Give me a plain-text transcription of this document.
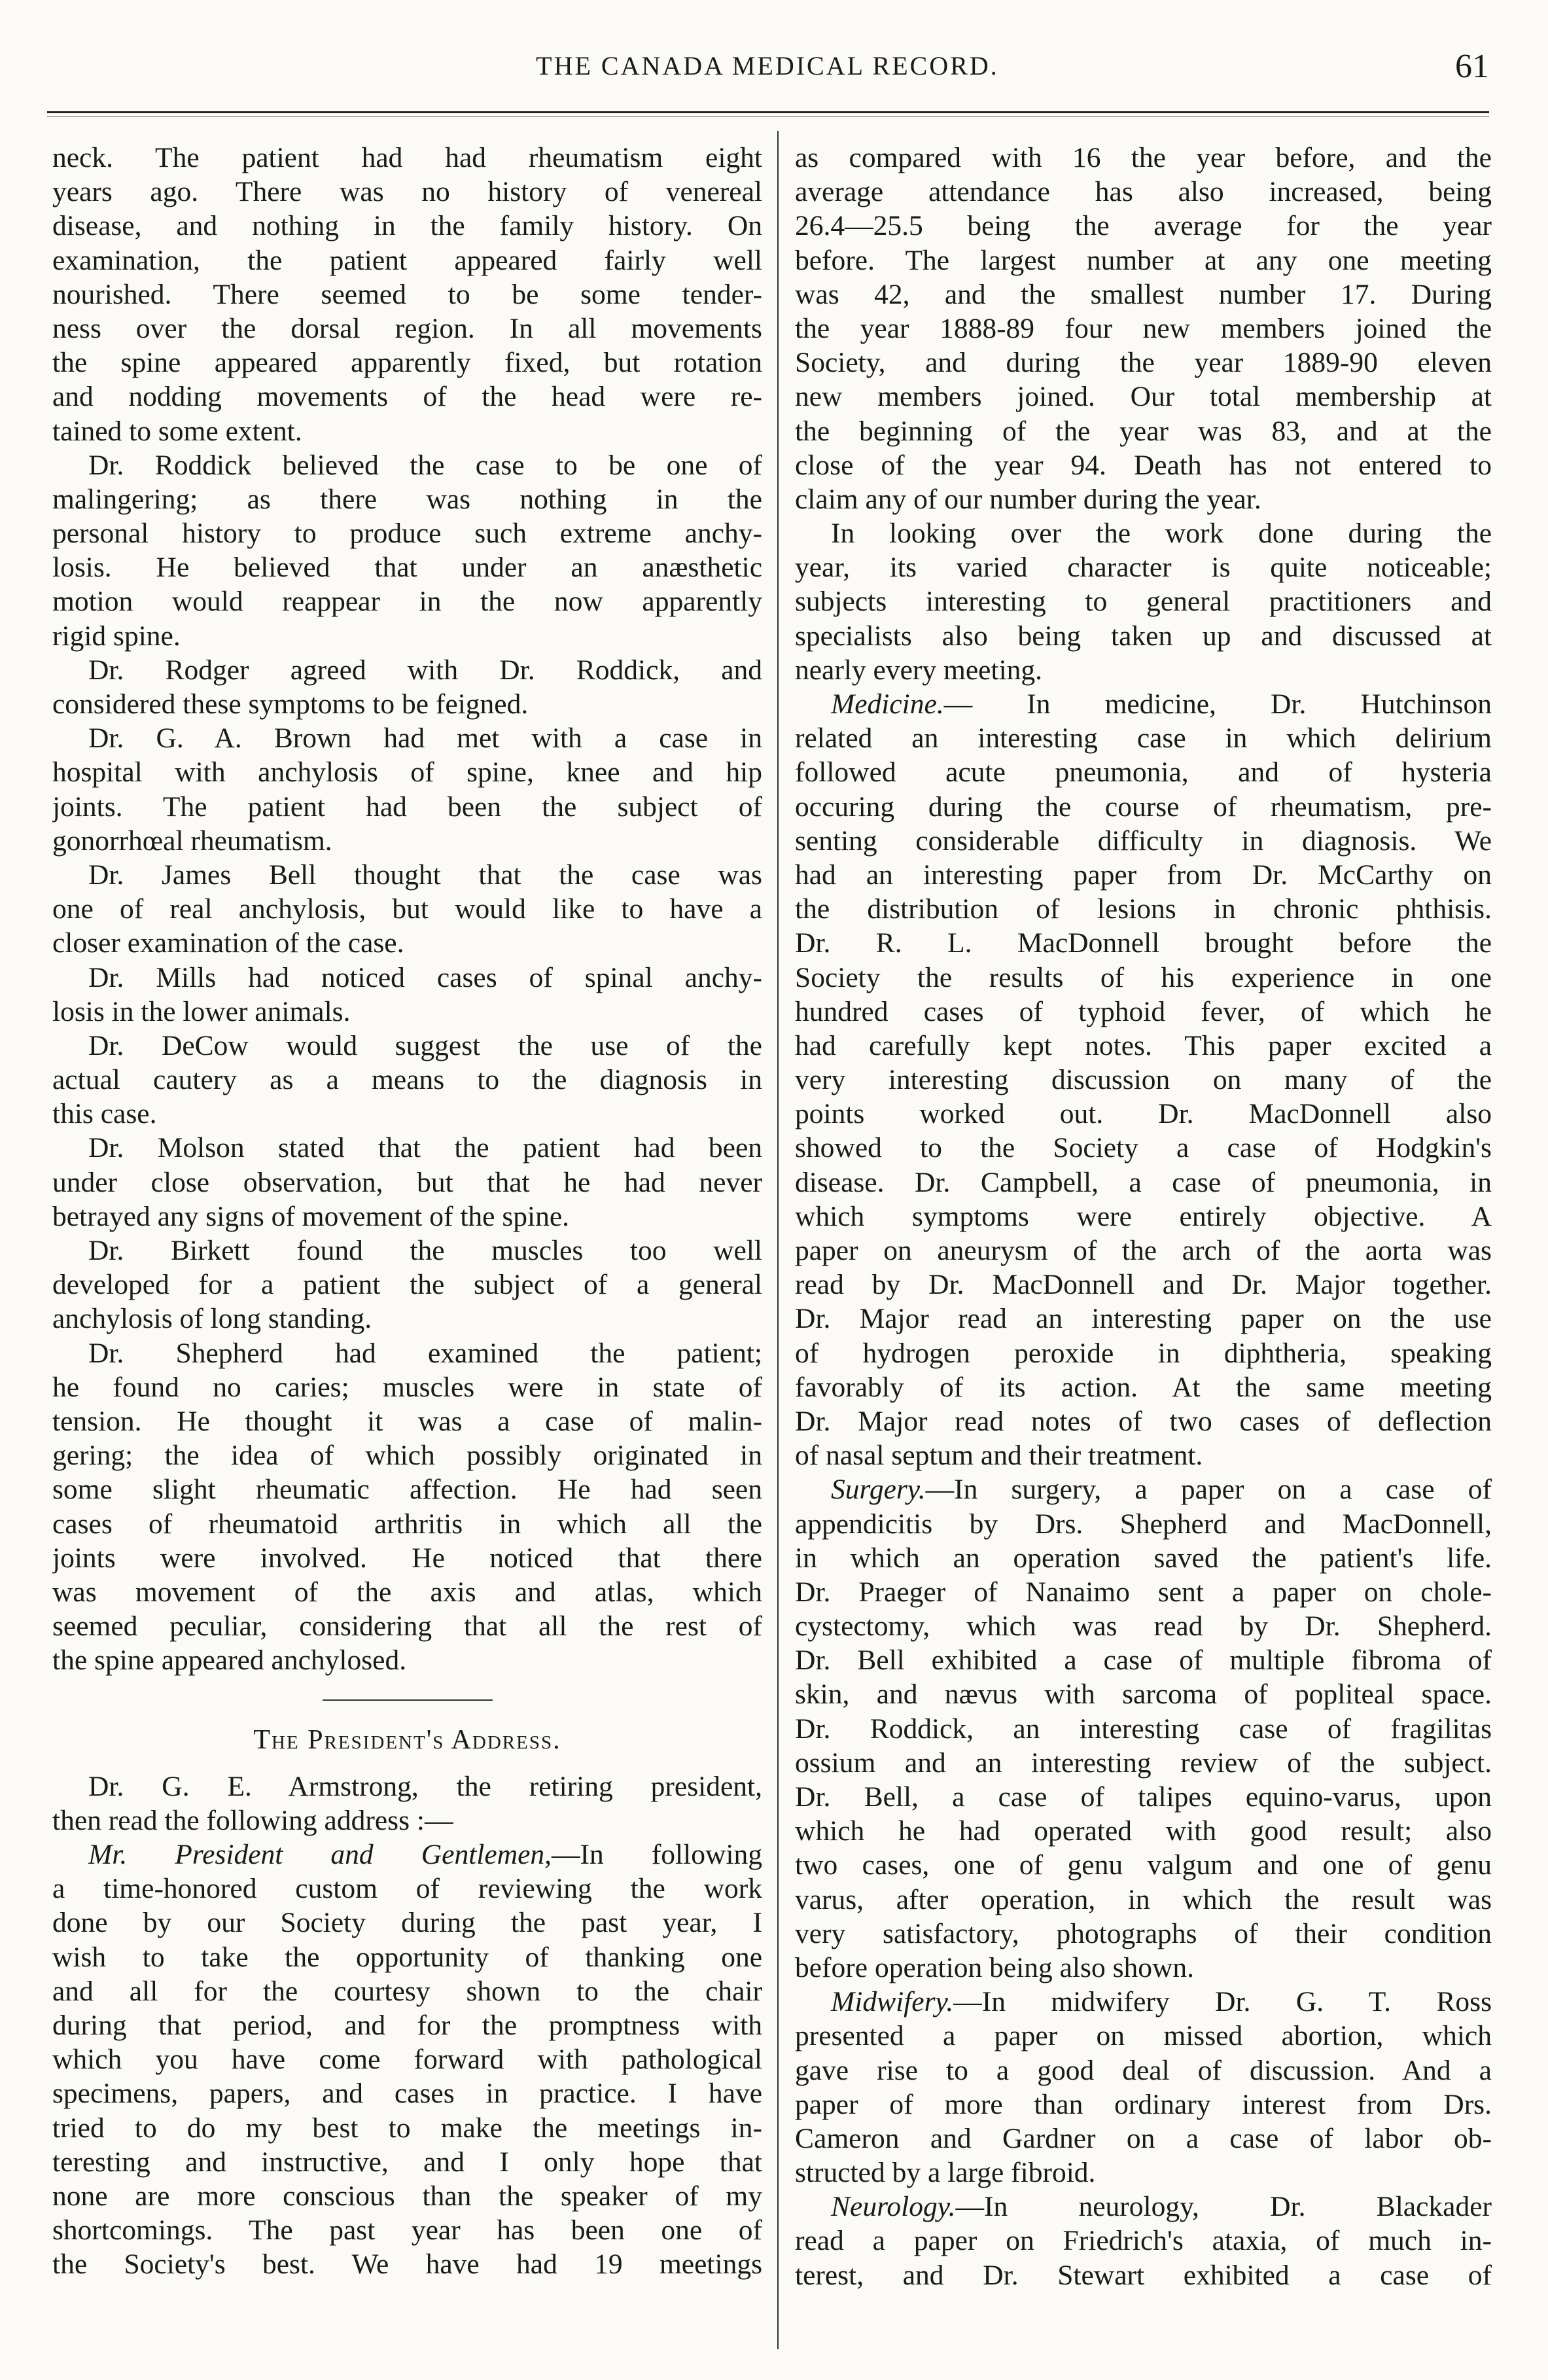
THE CANADA MEDICAL RECORD.	61
neck. The patient had had rheumatism eight
years ago. There was no history of venereal
disease, and nothing in the family history. On
examination, the patient appeared fairly well
nourished. There seemed to be some tender-
ness over the dorsal region. In all movements
the spine appeared apparently fixed, but rotation
and nodding movements of the head were re-
tained to some extent.
Dr. Roddick believed the case to be one of
malingering; as there was nothing in the
personal history to produce such extreme anchy-
losis. He believed that under an anæsthetic
motion would reappear in the now apparently
rigid spine.
Dr. Rodger agreed with Dr. Roddick, and
considered these symptoms to be feigned.
Dr. G. A. Brown had met with a case in
hospital with anchylosis of spine, knee and hip
joints. The patient had been the subject of
gonorrhœal rheumatism.
Dr. James Bell thought that the case was
one of real anchylosis, but would like to have a
closer examination of the case.
Dr. Mills had noticed cases of spinal anchy-
losis in the lower animals.
Dr. DeCow would suggest the use of the
actual cautery as a means to the diagnosis in
this case.
Dr. Molson stated that the patient had been
under close observation, but that he had never
betrayed any signs of movement of the spine.
Dr. Birkett found the muscles too well
developed for a patient the subject of a general
anchylosis of long standing.
Dr. Shepherd had examined the patient;
he found no caries; muscles were in state of
tension. He thought it was a case of malin-
gering; the idea of which possibly originated in
some slight rheumatic affection. He had seen
cases of rheumatoid arthritis in which all the
joints were involved. He noticed that there
was movement of the axis and atlas, which
seemed peculiar, considering that all the rest of
the spine appeared anchylosed.
The President's Address.
Dr. G. E. Armstrong, the retiring president,
then read the following address :—
Mr. President and Gentlemen,—In following
a time-honored custom of reviewing the work
done by our Society during the past year, I
wish to take the opportunity of thanking one
and all for the courtesy shown to the chair
during that period, and for the promptness with
which you have come forward with pathological
specimens, papers, and cases in practice. I have
tried to do my best to make the meetings in-
teresting and instructive, and I only hope that
none are more conscious than the speaker of my
shortcomings. The past year has been one of
the Society's best. We have had 19 meetings
as compared with 16 the year before, and the
average attendance has also increased, being
26.4—25.5 being the average for the year
before. The largest number at any one meeting
was 42, and the smallest number 17. During
the year 1888-89 four new members joined the
Society, and during the year 1889-90 eleven
new members joined. Our total membership at
the beginning of the year was 83, and at the
close of the year 94. Death has not entered to
claim any of our number during the year.
In looking over the work done during the
year, its varied character is quite noticeable;
subjects interesting to general practitioners and
specialists also being taken up and discussed at
nearly every meeting.
Medicine.— In medicine, Dr. Hutchinson
related an interesting case in which delirium
followed acute pneumonia, and of hysteria
occuring during the course of rheumatism, pre-
senting considerable difficulty in diagnosis. We
had an interesting paper from Dr. McCarthy on
the distribution of lesions in chronic phthisis.
Dr. R. L. MacDonnell brought before the
Society the results of his experience in one
hundred cases of typhoid fever, of which he
had carefully kept notes. This paper excited a
very interesting discussion on many of the
points worked out. Dr. MacDonnell also
showed to the Society a case of Hodgkin's
disease. Dr. Campbell, a case of pneumonia, in
which symptoms were entirely objective. A
paper on aneurysm of the arch of the aorta was
read by Dr. MacDonnell and Dr. Major together.
Dr. Major read an interesting paper on the use
of hydrogen peroxide in diphtheria, speaking
favorably of its action. At the same meeting
Dr. Major read notes of two cases of deflection
of nasal septum and their treatment.
Surgery.—In surgery, a paper on a case of
appendicitis by Drs. Shepherd and MacDonnell,
in which an operation saved the patient's life.
Dr. Praeger of Nanaimo sent a paper on chole-
cystectomy, which was read by Dr. Shepherd.
Dr. Bell exhibited a case of multiple fibroma of
skin, and nævus with sarcoma of popliteal space.
Dr. Roddick, an interesting case of fragilitas
ossium and an interesting review of the subject.
Dr. Bell, a case of talipes equino-varus, upon
which he had operated with good result; also
two cases, one of genu valgum and one of genu
varus, after operation, in which the result was
very satisfactory, photographs of their condition
before operation being also shown.
Midwifery.—In midwifery Dr. G. T. Ross
presented a paper on missed abortion, which
gave rise to a good deal of discussion. And a
paper of more than ordinary interest from Drs.
Cameron and Gardner on a case of labor ob-
structed by a large fibroid.
Neurology.—In neurology, Dr. Blackader
read a paper on Friedrich's ataxia, of much in-
terest, and Dr. Stewart exhibited a case of
